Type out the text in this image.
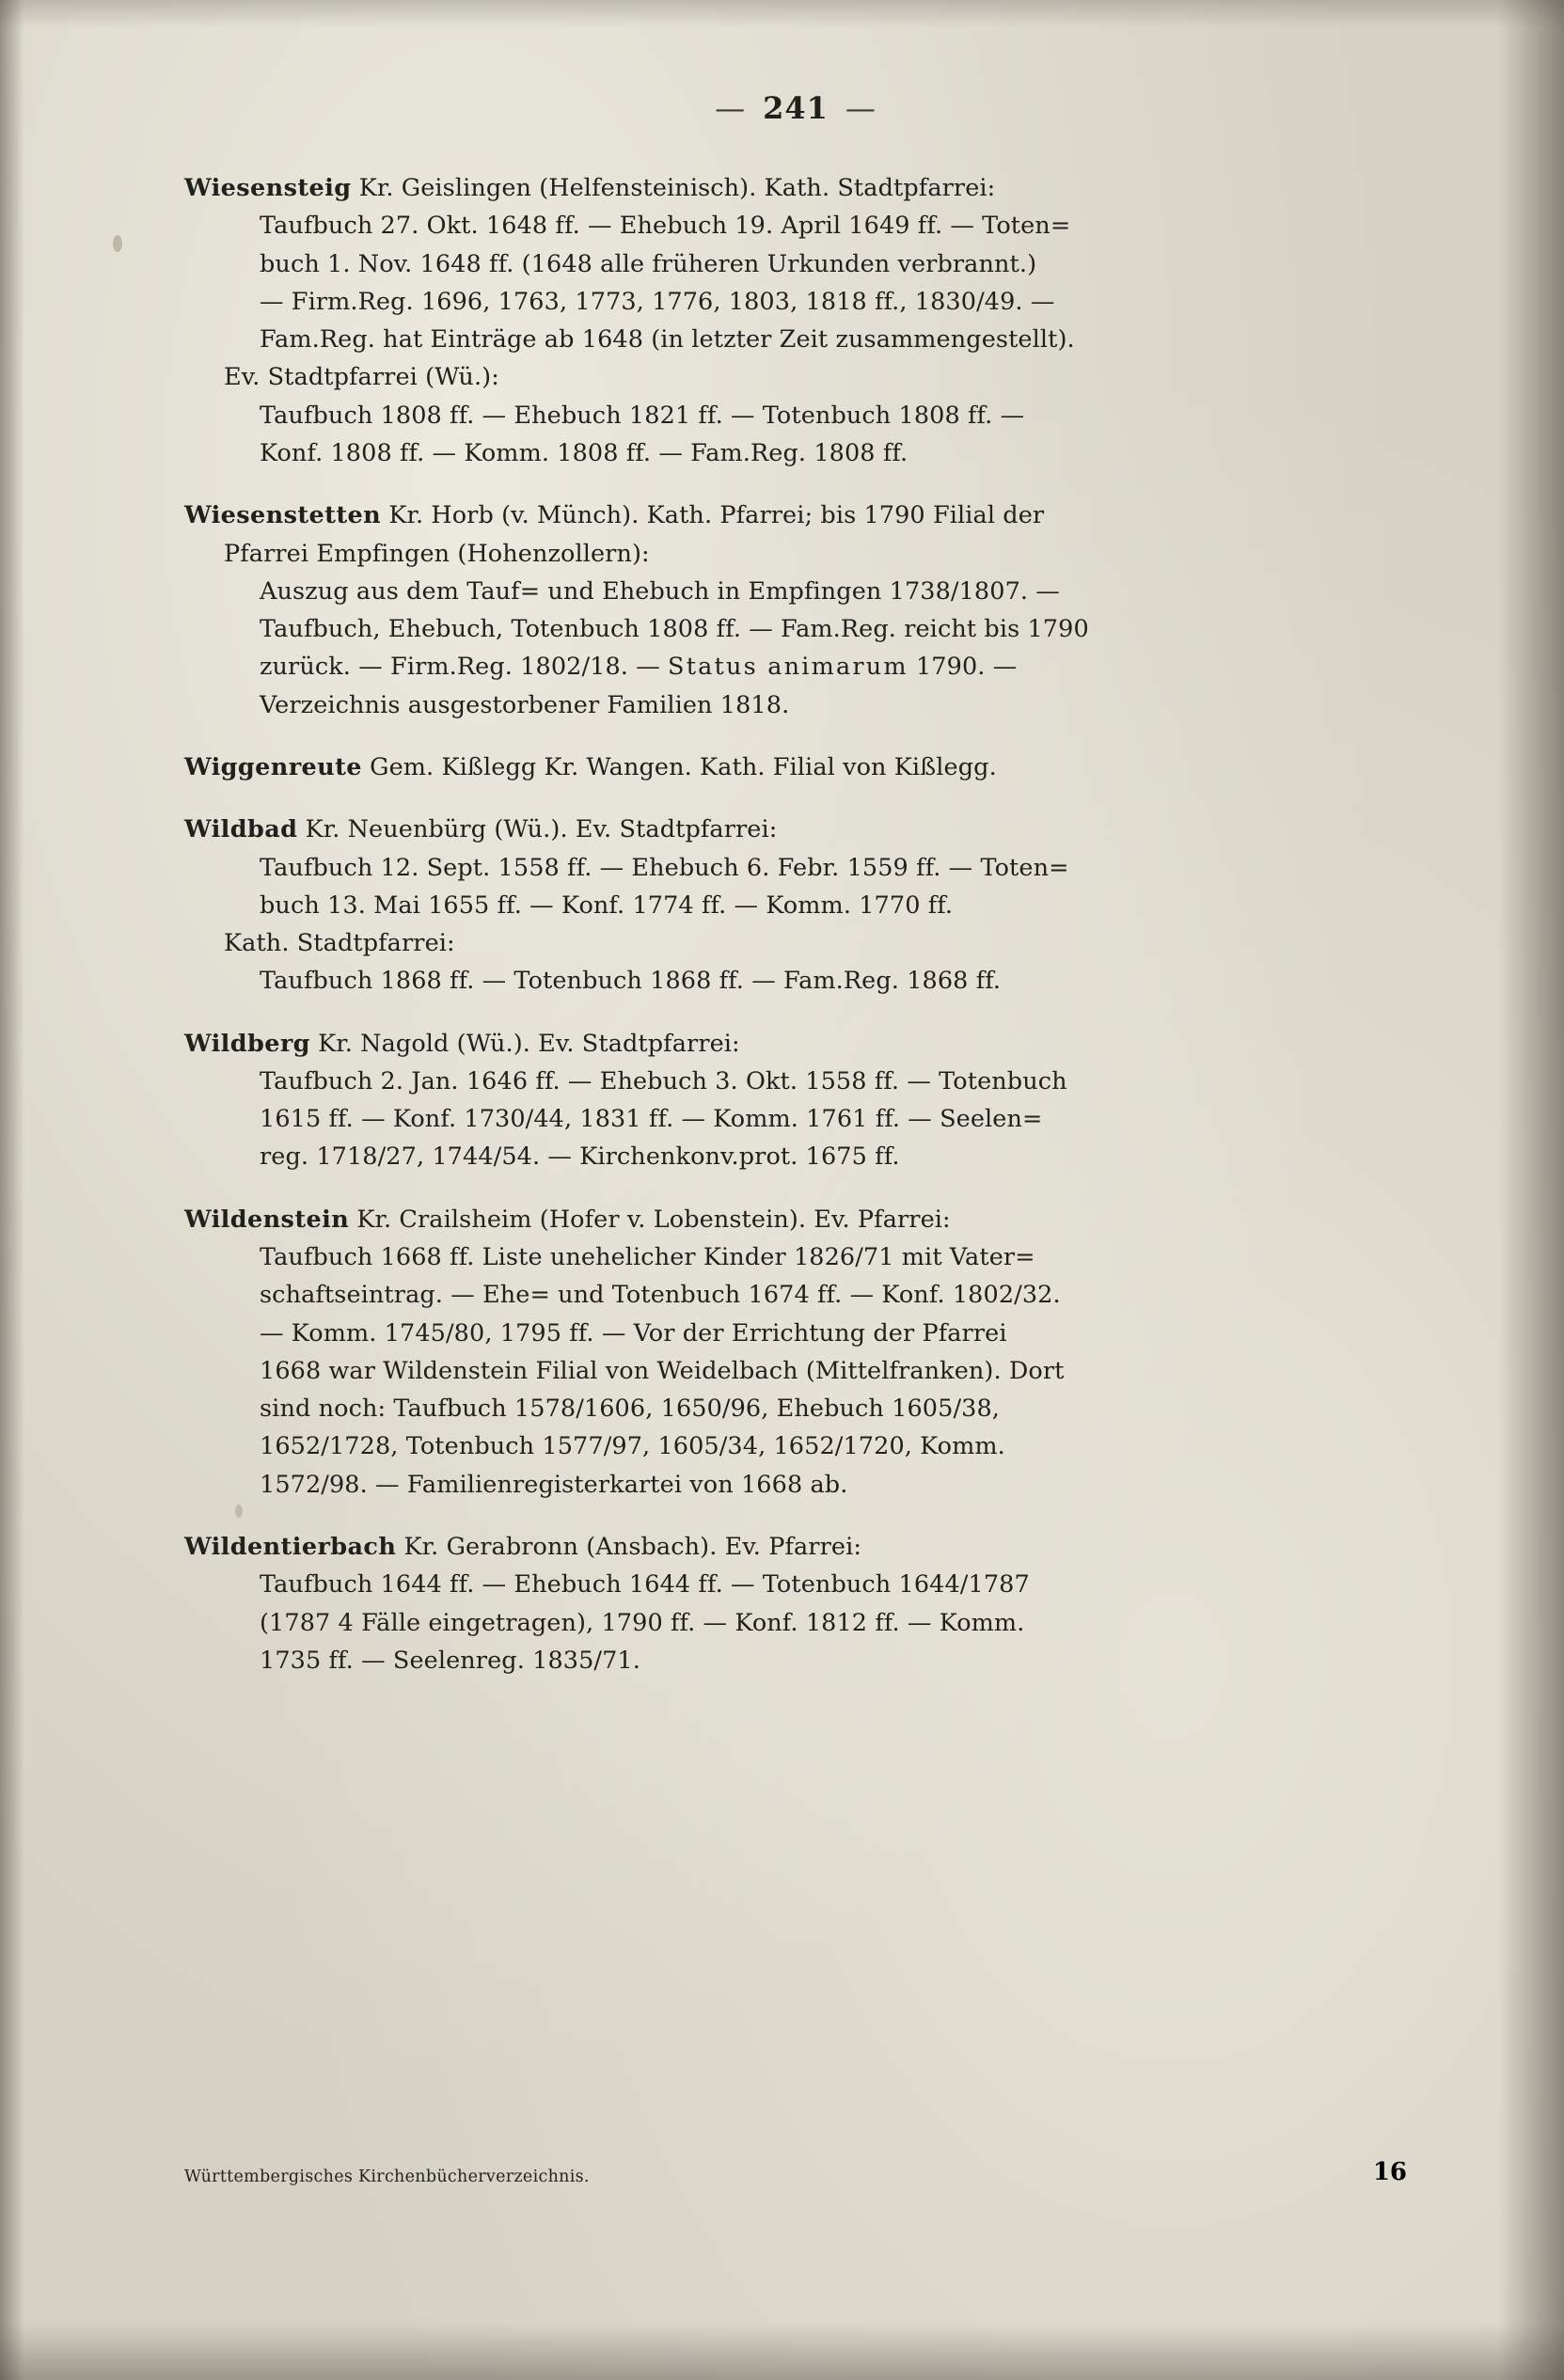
— 241 —

Wiesensteig Kr. Geislingen (Helfensteinisch). Kath. Stadtpfarrei:

Taufbuch 27. Okt. 1648 ff. — Ehebuch 19. April 1649 ff. — Toten=

buch 1. Nov. 1648 ff. (1648 alle früheren Urkunden verbrannt.)

— Firm.Reg. 1696, 1763, 1773, 1776, 1803, 1818 ff., 1830/49. —

Fam.Reg. hat Einträge ab 1648 (in letzter Zeit zusammengestellt).

Ev. Stadtpfarrei (Wü.):

Taufbuch 1808 ff. — Ehebuch 1821 ff. — Totenbuch 1808 ff. —

Konf. 1808 ff. — Komm. 1808 ff. — Fam.Reg. 1808 ff.

Wiesenstetten Kr. Horb (v. Münch). Kath. Pfarrei; bis 1790 Filial der

Pfarrei Empfingen (Hohenzollern):

Auszug aus dem Tauf= und Ehebuch in Empfingen 1738/1807. —

Taufbuch, Ehebuch, Totenbuch 1808 ff. — Fam.Reg. reicht bis 1790

zurück. — Firm.Reg. 1802/18. — Status animarum 1790. —

Verzeichnis ausgestorbener Familien 1818.

Wiggenreute Gem. Kißlegg Kr. Wangen. Kath. Filial von Kißlegg.

Wildbad Kr. Neuenbürg (Wü.). Ev. Stadtpfarrei:

Taufbuch 12. Sept. 1558 ff. — Ehebuch 6. Febr. 1559 ff. — Toten=

buch 13. Mai 1655 ff. — Konf. 1774 ff. — Komm. 1770 ff.

Kath. Stadtpfarrei:

Taufbuch 1868 ff. — Totenbuch 1868 ff. — Fam.Reg. 1868 ff.

Wildberg Kr. Nagold (Wü.). Ev. Stadtpfarrei:

Taufbuch 2. Jan. 1646 ff. — Ehebuch 3. Okt. 1558 ff. — Totenbuch

1615 ff. — Konf. 1730/44, 1831 ff. — Komm. 1761 ff. — Seelen=

reg. 1718/27, 1744/54. — Kirchenkonv.prot. 1675 ff.

Wildenstein Kr. Crailsheim (Hofer v. Lobenstein). Ev. Pfarrei:

Taufbuch 1668 ff. Liste unehelicher Kinder 1826/71 mit Vater=

schaftseintrag. — Ehe= und Totenbuch 1674 ff. — Konf. 1802/32.

— Komm. 1745/80, 1795 ff. — Vor der Errichtung der Pfarrei

1668 war Wildenstein Filial von Weidelbach (Mittelfranken). Dort

sind noch: Taufbuch 1578/1606, 1650/96, Ehebuch 1605/38,

1652/1728, Totenbuch 1577/97, 1605/34, 1652/1720, Komm.

1572/98. — Familienregisterkartei von 1668 ab.

Wildentierbach Kr. Gerabronn (Ansbach). Ev. Pfarrei:

Taufbuch 1644 ff. — Ehebuch 1644 ff. — Totenbuch 1644/1787

(1787 4 Fälle eingetragen), 1790 ff. — Konf. 1812 ff. — Komm.

1735 ff. — Seelenreg. 1835/71.

Württembergisches Kirchenbücherverzeichnis.	16
